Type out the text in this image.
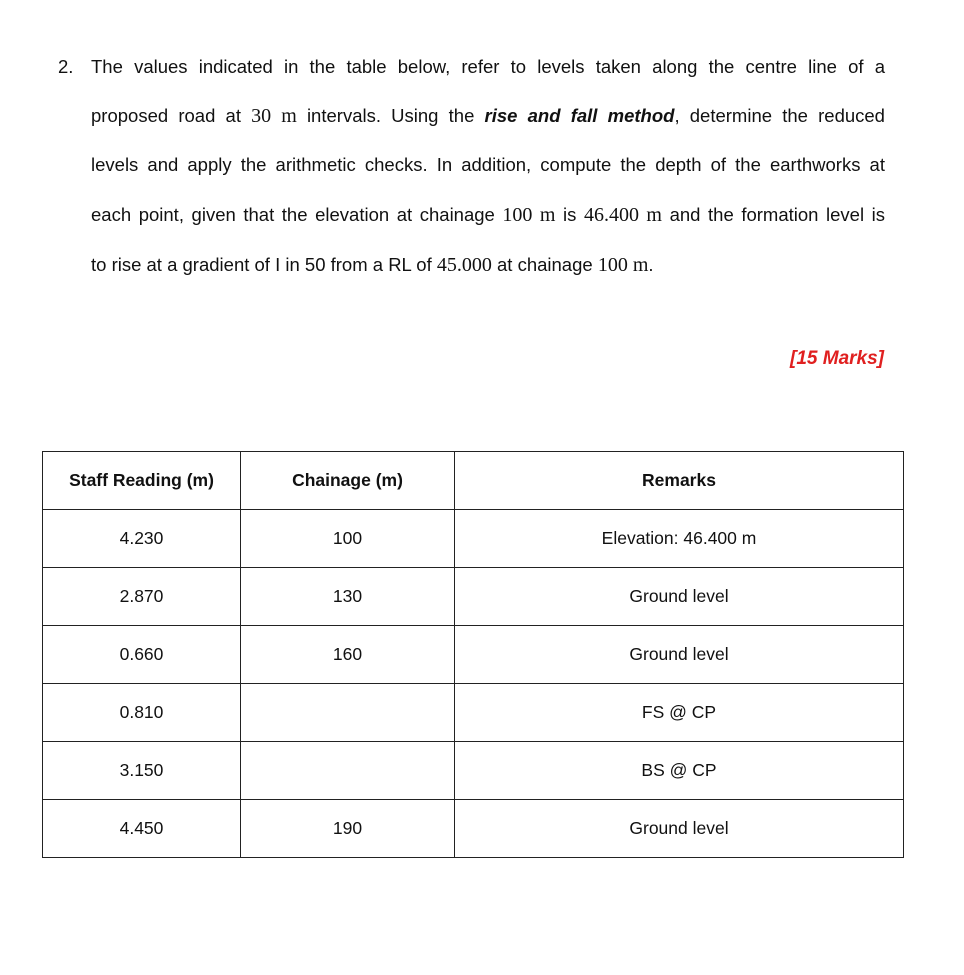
2. The values indicated in the table below, refer to levels taken along the centre line of a
proposed road at 30 m intervals. Using the rise and fall method, determine the reduced
levels and apply the arithmetic checks. In addition, compute the depth of the earthworks at
each point, given that the elevation at chainage 100 m is 46.400 m and the formation level is
to rise at a gradient of I in 50 from a RL of 45.000 at chainage 100 m.
[15 Marks]
Staff Reading (m)	Chainage (m)	Remarks
4.230	100	Elevation: 46.400 m
2.870	130	Ground level
0.660	160	Ground level
0.810		FS @ CP
3.150		BS @ CP
4.450	190	Ground level
